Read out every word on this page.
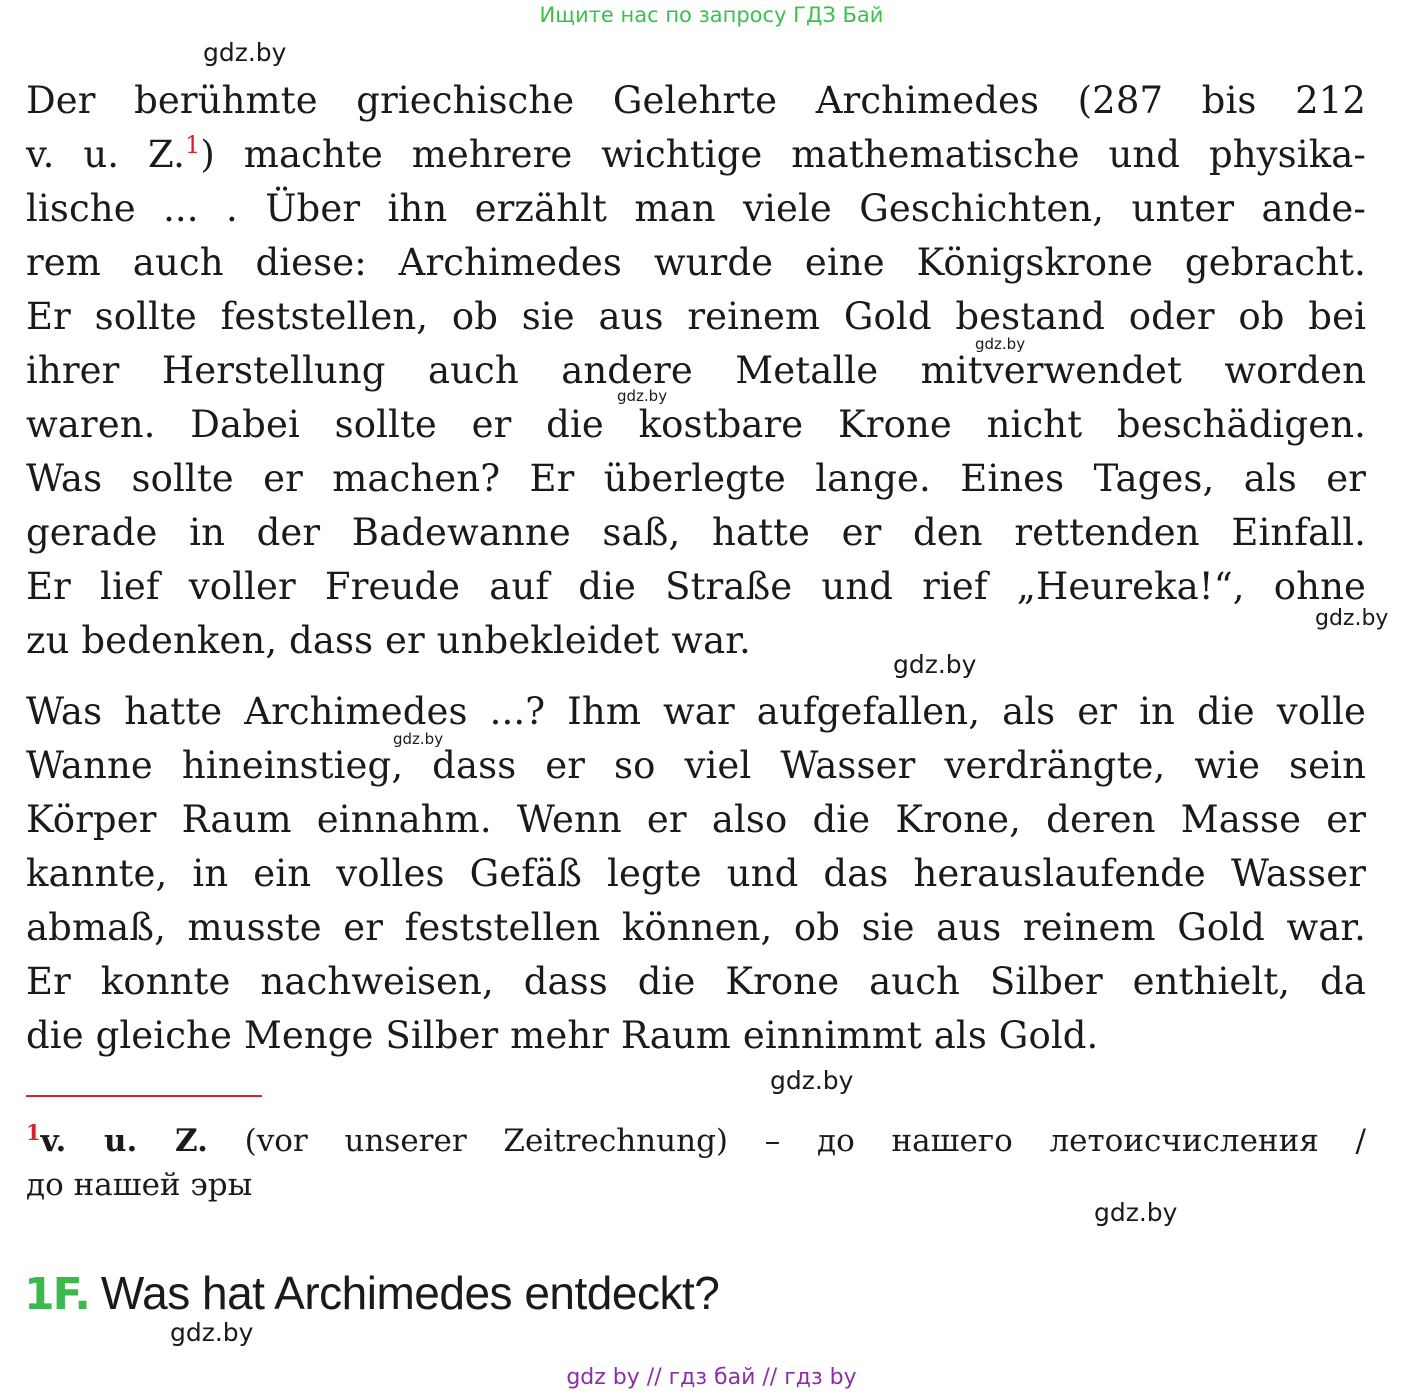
Ищите нас по запросу ГДЗ Бай
gdz.by
Der berühmte griechische Gelehrte Archimedes (287 bis 212
v. u. Z.$^1$) machte mehrere wichtige mathematische und physika-
lische ... . Über ihn erzählt man viele Geschichten, unter ande-
rem auch diese: Archimedes wurde eine Königskrone gebracht.
Er sollte feststellen, ob sie aus reinem Gold bestand oder ob bei
ihrer Herstellung auch andere Metalle mitverwendet worden
waren. Dabei sollte er die kostbare Krone nicht beschädigen.
Was sollte er machen? Er überlegte lange. Eines Tages, als er
gerade in der Badewanne saß, hatte er den rettenden Einfall.
Er lief voller Freude auf die Straße und rief „Heureka!“, ohne
zu bedenken, dass er unbekleidet war.
gdz.by
gdz.by
gdz.by
gdz.by
Was hatte Archimedes ...? Ihm war aufgefallen, als er in die volle
Wanne hineinstieg, dass er so viel Wasser verdrängte, wie sein
Körper Raum einnahm. Wenn er also die Krone, deren Masse er
kannte, in ein volles Gefäß legte und das herauslaufende Wasser
abmaß, musste er feststellen können, ob sie aus reinem Gold war.
Er konnte nachweisen, dass die Krone auch Silber enthielt, da
die gleiche Menge Silber mehr Raum einnimmt als Gold.
gdz.by
gdz.by
$^1$v. u. Z. (vor unserer Zeitrechnung) – до нашего летоисчисления /
до нашей эры
gdz.by
1F. Was hat Archimedes entdeckt?
gdz.by
gdz by // гдз бай // гдз by
